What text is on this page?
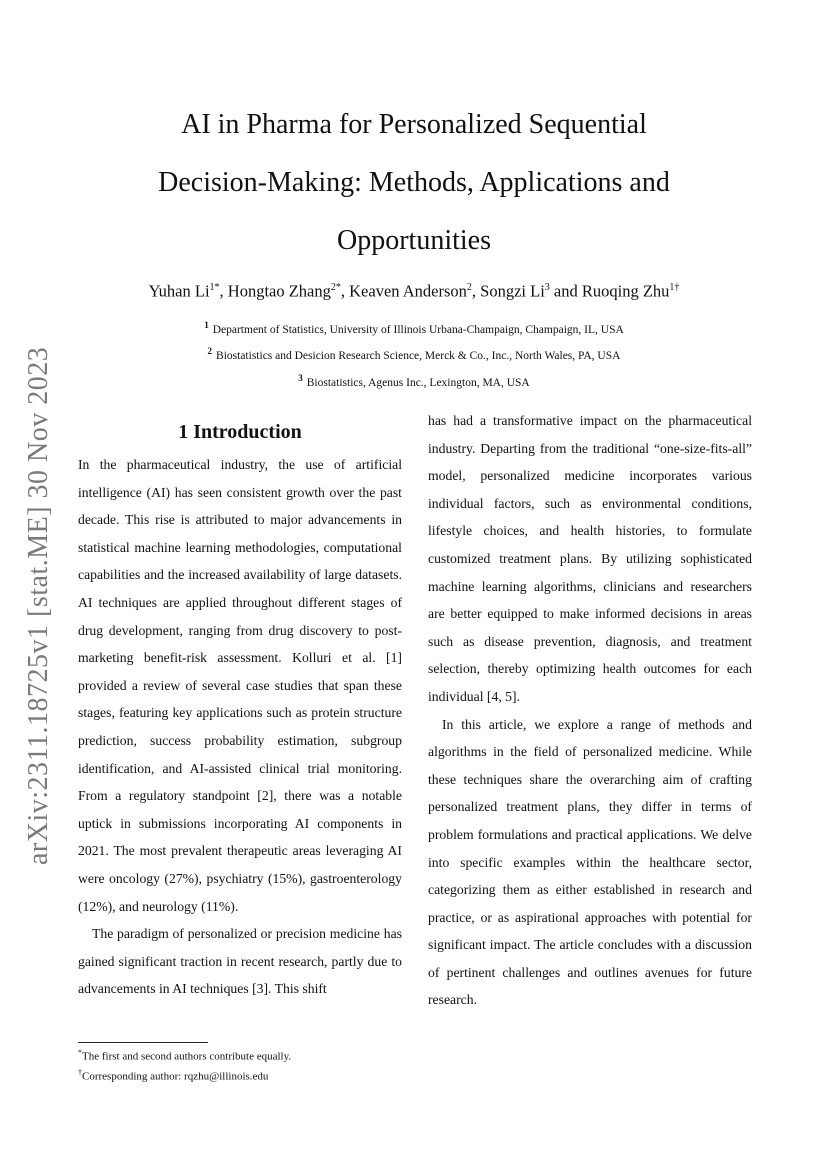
arXiv:2311.18725v1 [stat.ME] 30 Nov 2023
AI in Pharma for Personalized Sequential
Decision-Making: Methods, Applications and
Opportunities
Yuhan $Li^{1*}$, Hongtao Zhang$^{2*}$, Keaven Anderson$^2$, Songzi Li$^3$ and Ruoqing Zhu$^{1\dagger}$
$^1$ Department of Statistics, University of Illinois Urbana-Champaign, Champaign, IL, USA
$^2$ Biostatistics and Desicion Research Science, Merck & Co., Inc., North Wales, PA, USA
$^3$ Biostatistics, Agenus Inc., Lexington, MA, USA
1 Introduction

In the pharmaceutical industry, the use of artificial intelligence (AI) has seen consistent growth over the past decade. This rise is attributed to major advancements in statistical machine learning methodologies, computational capabilities and the increased availability of large datasets. AI techniques are applied throughout different stages of drug development, ranging from drug discovery to post-marketing benefit-risk assessment. Kolluri et al. [1] provided a review of several case studies that span these stages, featuring key applications such as protein structure prediction, success probability estimation, subgroup identification, and AI-assisted clinical trial monitoring. From a regulatory standpoint [2], there was a notable uptick in submissions incorporating AI components in 2021. The most prevalent therapeutic areas leveraging AI were oncology (27%), psychiatry (15%), gastroenterology (12%), and neurology (11%).

The paradigm of personalized or precision medicine has gained significant traction in recent research, partly due to advancements in AI techniques [3]. This shift

has had a transformative impact on the pharmaceutical industry. Departing from the traditional “one-size-fits-all” model, personalized medicine incorporates various individual factors, such as environmental conditions, lifestyle choices, and health histories, to formulate customized treatment plans. By utilizing sophisticated machine learning algorithms, clinicians and researchers are better equipped to make informed decisions in areas such as disease prevention, diagnosis, and treatment selection, thereby optimizing health outcomes for each individual [4, 5].

In this article, we explore a range of methods and algorithms in the field of personalized medicine. While these techniques share the overarching aim of crafting personalized treatment plans, they differ in terms of problem formulations and practical applications. We delve into specific examples within the healthcare sector, categorizing them as either established in research and practice, or as aspirational approaches with potential for significant impact. The article concludes with a discussion of pertinent challenges and outlines avenues for future research.

*The first and second authors contribute equally.
†Corresponding author: rqzhu@illinois.edu
